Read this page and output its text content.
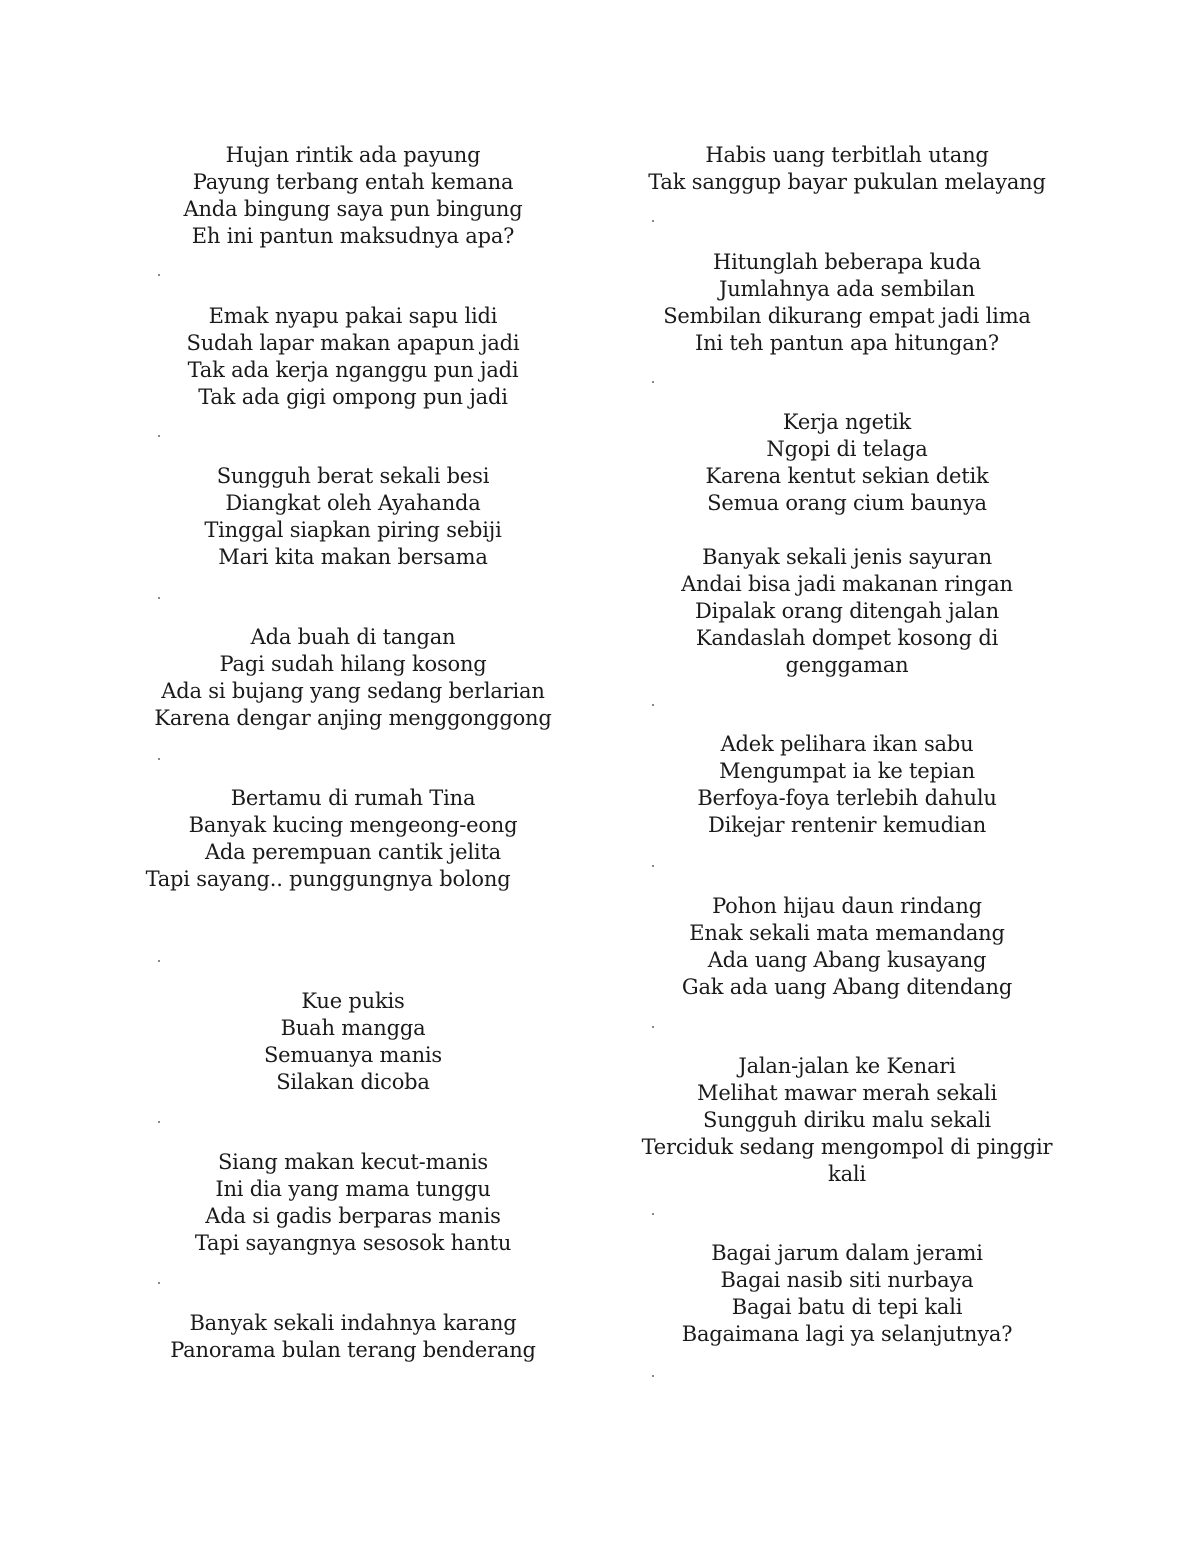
Hujan rintik ada payung
Payung terbang entah kemana
Anda bingung saya pun bingung
Eh ini pantun maksudnya apa?
Emak nyapu pakai sapu lidi
Sudah lapar makan apapun jadi
Tak ada kerja nganggu pun jadi
Tak ada gigi ompong pun jadi
Sungguh berat sekali besi
Diangkat oleh Ayahanda
Tinggal siapkan piring sebiji
Mari kita makan bersama
Ada buah di tangan
Pagi sudah hilang kosong
Ada si bujang yang sedang berlarian
Karena dengar anjing menggonggong
Bertamu di rumah Tina
Banyak kucing mengeong-eong
Ada perempuan cantik jelita
Tapi sayang.. punggungnya bolong
Kue pukis
Buah mangga
Semuanya manis
Silakan dicoba
Siang makan kecut-manis
Ini dia yang mama tunggu
Ada si gadis berparas manis
Tapi sayangnya sesosok hantu
Banyak sekali indahnya karang
Panorama bulan terang benderang
Habis uang terbitlah utang
Tak sanggup bayar pukulan melayang
Hitunglah beberapa kuda
Jumlahnya ada sembilan
Sembilan dikurang empat jadi lima
Ini teh pantun apa hitungan?
Kerja ngetik
Ngopi di telaga
Karena kentut sekian detik
Semua orang cium baunya
Banyak sekali jenis sayuran
Andai bisa jadi makanan ringan
Dipalak orang ditengah jalan
Kandaslah dompet kosong di
genggaman
Adek pelihara ikan sabu
Mengumpat ia ke tepian
Berfoya-foya terlebih dahulu
Dikejar rentenir kemudian
Pohon hijau daun rindang
Enak sekali mata memandang
Ada uang Abang kusayang
Gak ada uang Abang ditendang
Jalan-jalan ke Kenari
Melihat mawar merah sekali
Sungguh diriku malu sekali
Terciduk sedang mengompol di pinggir
kali
Bagai jarum dalam jerami
Bagai nasib siti nurbaya
Bagai batu di tepi kali
Bagaimana lagi ya selanjutnya?
